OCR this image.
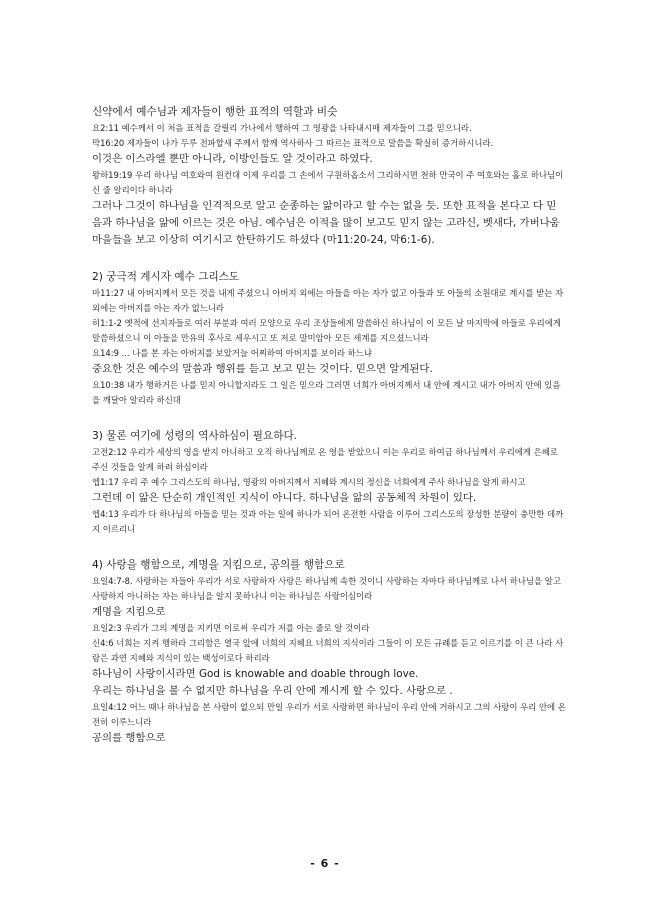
신약에서 예수님과 제자들이 행한 표적의 역할과 비슷
요2:11 예수께서 이 처음 표적을 갈릴리 가나에서 행하여 그 영광을 나타내시매 제자들이 그를 믿으니라.
막16:20 제자들이 나가 두루 전파할새 주께서 함께 역사하사 그 따르는 표적으로 말씀을 확실히 증거하시니라.
이것은 이스라엘 뿐만 아니라, 이방인들도 알 것이라고 하였다.
왕하19:19 우리 하나님 여호와여 원컨대 이제 우리를 그 손에서 구원하옵소서 그리하시면 천하 만국이 주 여호와는 홀로 하나님이신 줄 알리이다 하니라
그러나 그것이 하나님을 인격적으로 알고 순종하는 앎이라고 할 수는 없을 듯. 또한 표적을 본다고 다 믿음과 하나님을 앎에 이르는 것은 아님. 예수님은 이적을 많이 보고도 믿지 않는 고라신, 벳새다, 가버나움 마을들을 보고 이상히 여기시고 한탄하기도 하셨다 (마11:20-24, 막6:1-6).
2) 궁극적 계시자 예수 그리스도
마11:27 내 아버지께서 모든 것을 내게 주셨으니 아버지 외에는 아들을 아는 자가 없고 아들과 또 아들의 소원대로 계시를 받는 자 외에는 아버지를 아는 자가 없느니라
히1:1-2 옛적에 선지자들로 여러 부분과 여러 모양으로 우리 조상들에게 말씀하신 하나님이 이 모든 날 마지막에 아들로 우리에게 말씀하셨으니 이 아들을 만유의 후사로 세우시고 또 저로 말미암아 모든 세계를 지으셨느니라
요14:9 ... 나를 본 자는 아버지를 보았거늘 어찌하여 아버지를 보이라 하느냐
중요한 것은 예수의 말씀과 행위를 듣고 보고 믿는 것이다. 믿으면 알게된다.
요10:38 내가 행하거든 나를 믿지 아니할지라도 그 일은 믿으라 그러면 너희가 아버지께서 내 안에 계시고 내가 아버지 안에 있음을 깨달아 알리라 하신대
3) 물론 여기에 성령의 역사하심이 필요하다.
고전2:12 우리가 세상의 영을 받지 아니하고 오직 하나님께로 온 영을 받았으니 이는 우리로 하여금 하나님께서 우리에게 은혜로 주신 것들을 알게 하려 하심이라
엡1:17 우리 주 예수 그리스도의 하나님, 영광의 아버지께서 지혜와 계시의 정신을 너희에게 주사 하나님을 알게 하시고
그런데 이 앎은 단순히 개인적인 지식이 아니다. 하나님을 앎의 공동체적 차원이 있다.
엡4:13 우리가 다 하나님의 아들을 믿는 것과 아는 일에 하나가 되어 온전한 사람을 이루어 그리스도의 장성한 분량이 충만한 데까지 이르리니
4) 사랑을 행함으로, 계명을 지킴으로, 공의를 행함으로
요일4:7-8. 사랑하는 자들아 우리가 서로 사랑하자 사랑은 하나님께 속한 것이니 사랑하는 자마다 하나님께로 나서 하나님을 알고 사랑하지 아니하는 자는 하나님을 알지 못하나니 이는 하나님은 사랑이심이라
계명을 지킴으로
요일2:3 우리가 그의 계명을 지키면 이로써 우리가 저를 아는 줄로 알 것이라
신4:6 너희는 지켜 행하라 그리함은 열국 앞에 너희의 지혜요 너희의 지식이라 그들이 이 모든 규례를 듣고 이르기를 이 큰 나라 사람은 과연 지혜와 지식이 있는 백성이로다 하리라
하나님이 사랑이시라면 God is knowable and doable through love.
우리는 하나님을 볼 수 없지만 하나님을 우리 안에 계시게 할 수 있다. 사랑으로 .
요일4:12 어느 때나 하나님을 본 사람이 없으되 만일 우리가 서로 사랑하면 하나님이 우리 안에 거하시고 그의 사랑이 우리 안에 온전히 이루느니라
공의를 행함으로
- 6 -
